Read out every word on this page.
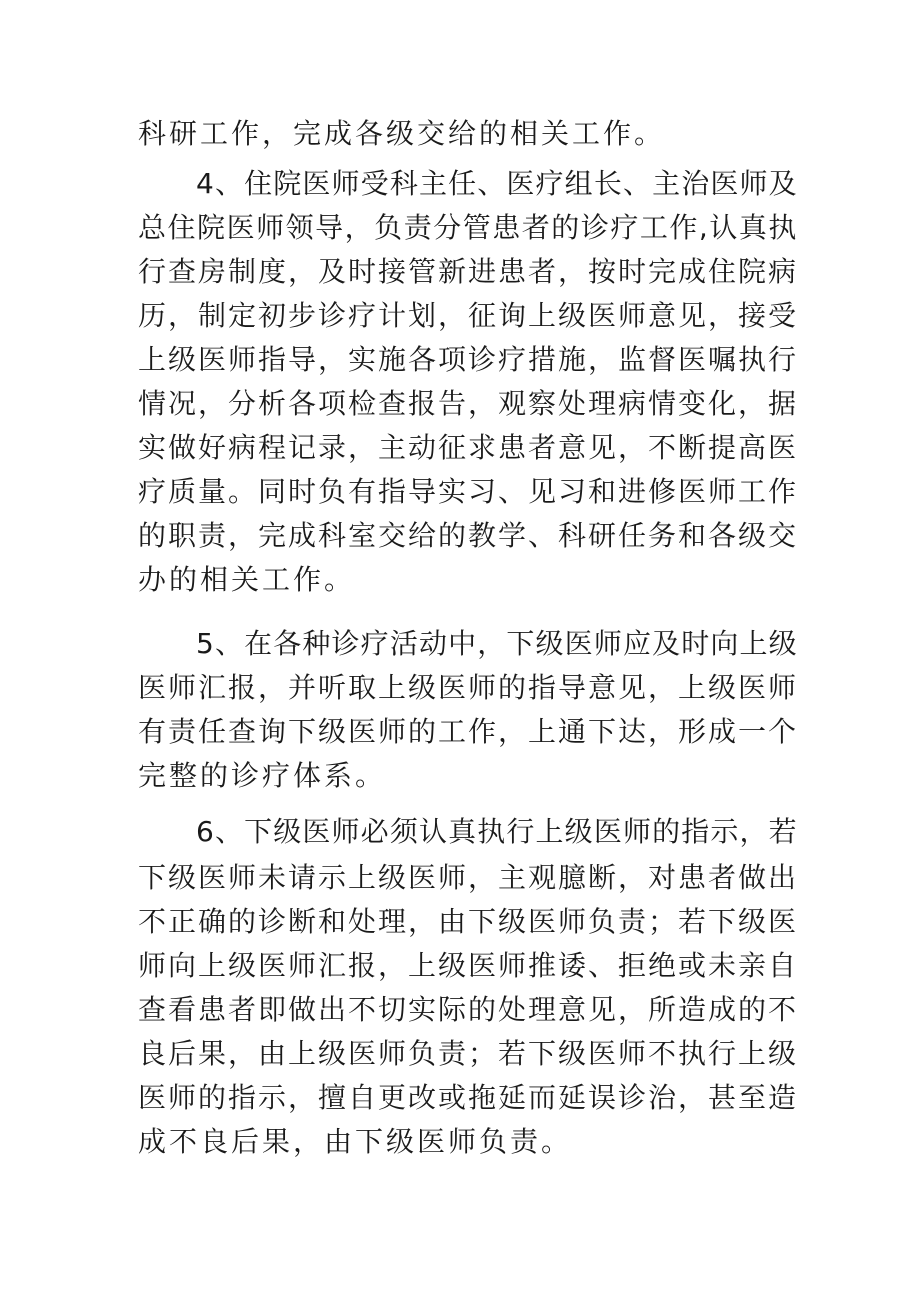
科研工作，完成各级交给的相关工作。
4、住院医师受科主任、医疗组长、主治医师及
总住院医师领导，负责分管患者的诊疗工作,认真执
行查房制度，及时接管新进患者，按时完成住院病
历，制定初步诊疗计划，征询上级医师意见，接受
上级医师指导，实施各项诊疗措施，监督医嘱执行
情况，分析各项检查报告，观察处理病情变化，据
实做好病程记录，主动征求患者意见，不断提高医
疗质量。同时负有指导实习、见习和进修医师工作
的职责，完成科室交给的教学、科研任务和各级交
办的相关工作。
5、在各种诊疗活动中，下级医师应及时向上级
医师汇报，并听取上级医师的指导意见，上级医师
有责任查询下级医师的工作，上通下达，形成一个
完整的诊疗体系。
6、下级医师必须认真执行上级医师的指示，若
下级医师未请示上级医师，主观臆断，对患者做出
不正确的诊断和处理，由下级医师负责；若下级医
师向上级医师汇报，上级医师推诿、拒绝或未亲自
查看患者即做出不切实际的处理意见，所造成的不
良后果，由上级医师负责；若下级医师不执行上级
医师的指示，擅自更改或拖延而延误诊治，甚至造
成不良后果，由下级医师负责。
